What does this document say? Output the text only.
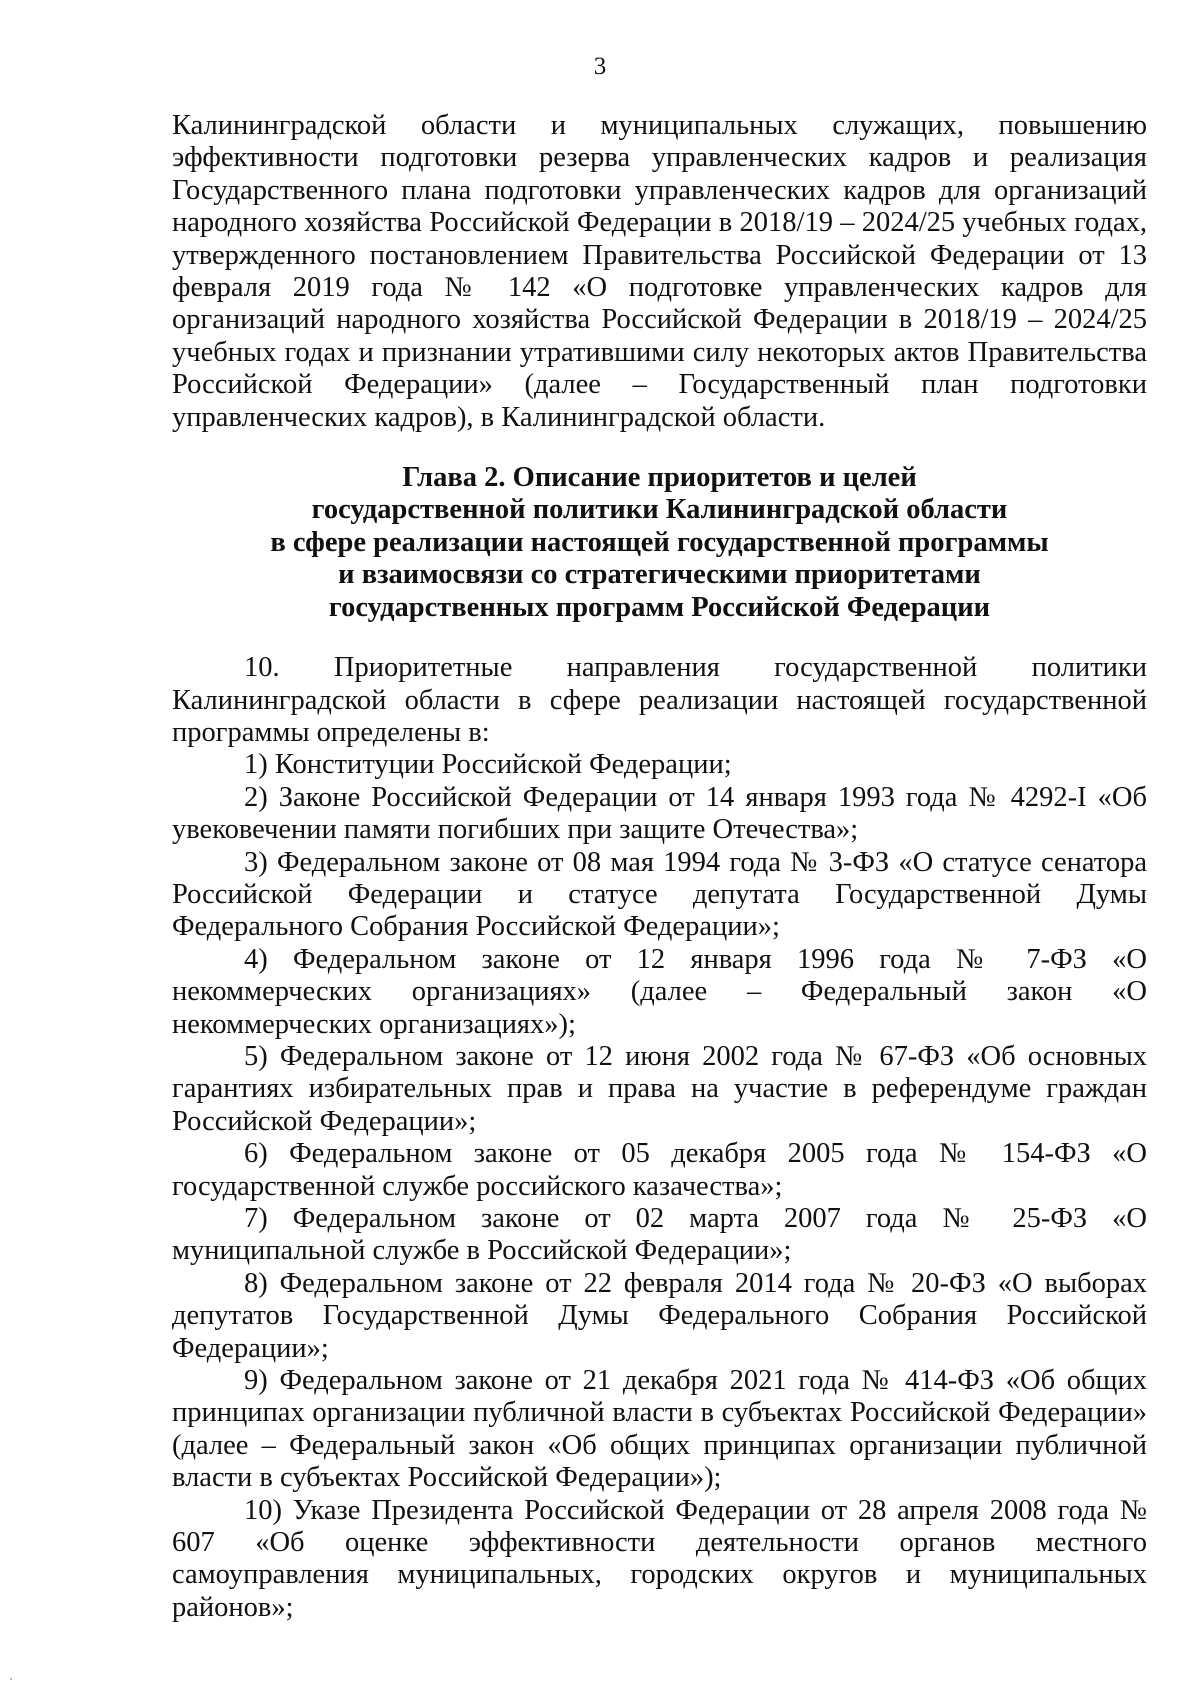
3

Калининградской области и муниципальных служащих, повышению эффективности подготовки резерва управленческих кадров и реализация Государственного плана подготовки управленческих кадров для организаций народного хозяйства Российской Федерации в 2018/19 – 2024/25 учебных годах, утвержденного постановлением Правительства Российской Федерации от 13 февраля 2019 года № 142 «О подготовке управленческих кадров для организаций народного хозяйства Российской Федерации в 2018/19 – 2024/25 учебных годах и признании утратившими силу некоторых актов Правительства Российской Федерации» (далее – Государственный план подготовки управленческих кадров), в Калининградской области.

Глава 2. Описание приоритетов и целей
государственной политики Калининградской области
в сфере реализации настоящей государственной программы
и взаимосвязи со стратегическими приоритетами
государственных программ Российской Федерации

10. Приоритетные направления государственной политики Калининградской области в сфере реализации настоящей государственной программы определены в:

1) Конституции Российской Федерации;

2) Законе Российской Федерации от 14 января 1993 года № 4292-I «Об увековечении памяти погибших при защите Отечества»;

3) Федеральном законе от 08 мая 1994 года № 3-ФЗ «О статусе сенатора Российской Федерации и статусе депутата Государственной Думы Федерального Собрания Российской Федерации»;

4) Федеральном законе от 12 января 1996 года № 7-ФЗ «О некоммерческих организациях» (далее – Федеральный закон «О некоммерческих организациях»);

5) Федеральном законе от 12 июня 2002 года № 67-ФЗ «Об основных гарантиях избирательных прав и права на участие в референдуме граждан Российской Федерации»;

6) Федеральном законе от 05 декабря 2005 года № 154-ФЗ «О государственной службе российского казачества»;

7) Федеральном законе от 02 марта 2007 года № 25-ФЗ «О муниципальной службе в Российской Федерации»;

8) Федеральном законе от 22 февраля 2014 года № 20-ФЗ «О выборах депутатов Государственной Думы Федерального Собрания Российской Федерации»;

9) Федеральном законе от 21 декабря 2021 года № 414-ФЗ «Об общих принципах организации публичной власти в субъектах Российской Федерации» (далее – Федеральный закон «Об общих принципах организации публичной власти в субъектах Российской Федерации»);

10) Указе Президента Российской Федерации от 28 апреля 2008 года № 607 «Об оценке эффективности деятельности органов местного самоуправления муниципальных, городских округов и муниципальных районов»;
